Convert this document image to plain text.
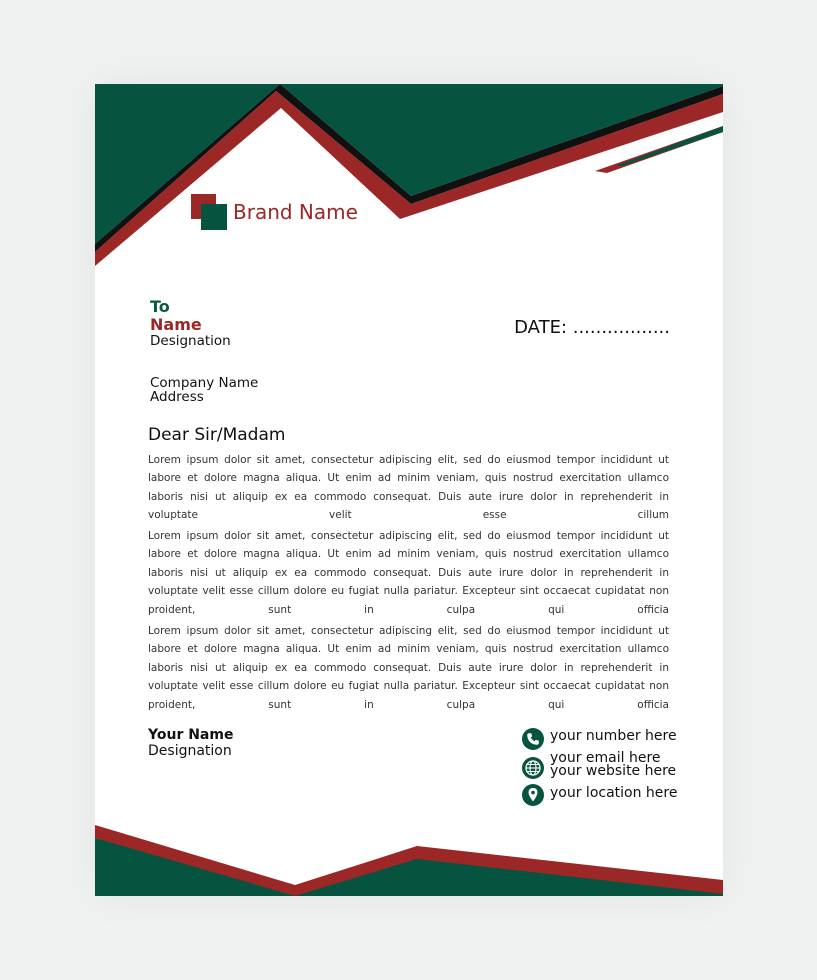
Brand Name
To
Name
Designation
DATE: .................
Company Name
Address
Dear Sir/Madam

Lorem ipsum dolor sit amet, consectetur adipiscing elit, sed do eiusmod tempor incididunt ut labore et dolore magna aliqua. Ut enim ad minim veniam, quis nostrud exercitation ullamco laboris nisi ut aliquip ex ea commodo consequat. Duis aute irure dolor in reprehenderit in voluptate velit esse cillum

Lorem ipsum dolor sit amet, consectetur adipiscing elit, sed do eiusmod tempor incididunt ut labore et dolore magna aliqua. Ut enim ad minim veniam, quis nostrud exercitation ullamco laboris nisi ut aliquip ex ea commodo consequat. Duis aute irure dolor in reprehenderit in voluptate velit esse cillum dolore eu fugiat nulla pariatur. Excepteur sint occaecat cupidatat non proident, sunt in culpa qui officia

Lorem ipsum dolor sit amet, consectetur adipiscing elit, sed do eiusmod tempor incididunt ut labore et dolore magna aliqua. Ut enim ad minim veniam, quis nostrud exercitation ullamco laboris nisi ut aliquip ex ea commodo consequat. Duis aute irure dolor in reprehenderit in voluptate velit esse cillum dolore eu fugiat nulla pariatur. Excepteur sint occaecat cupidatat non proident, sunt in culpa qui officia

Your Name
Designation
your number here
your email here
your website here
your location here
